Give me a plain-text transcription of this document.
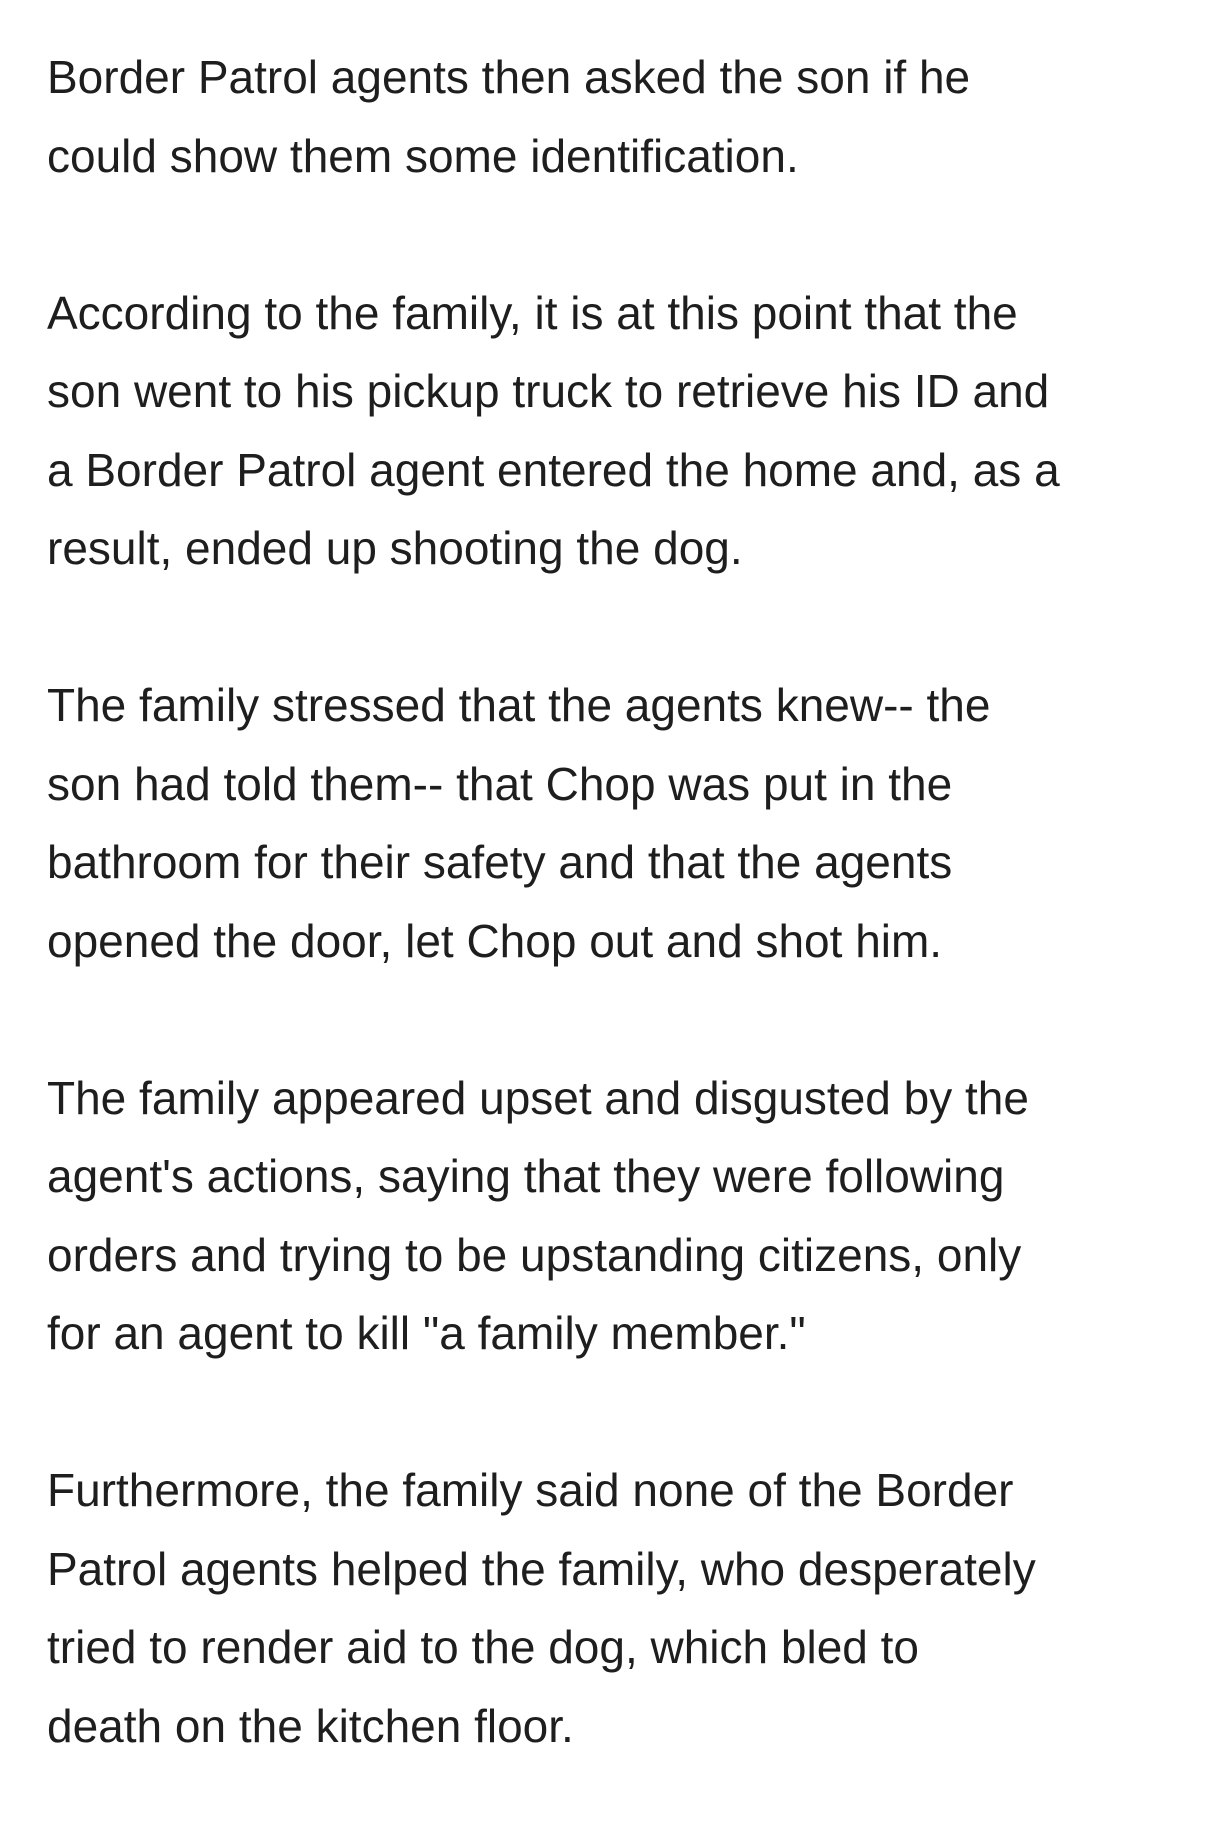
Border Patrol agents then asked the son if he
could show them some identification.

According to the family, it is at this point that the
son went to his pickup truck to retrieve his ID and
a Border Patrol agent entered the home and, as a
result, ended up shooting the dog.

The family stressed that the agents knew-- the
son had told them-- that Chop was put in the
bathroom for their safety and that the agents
opened the door, let Chop out and shot him.

The family appeared upset and disgusted by the
agent's actions, saying that they were following
orders and trying to be upstanding citizens, only
for an agent to kill "a family member."

Furthermore, the family said none of the Border
Patrol agents helped the family, who desperately
tried to render aid to the dog, which bled to
death on the kitchen floor.
